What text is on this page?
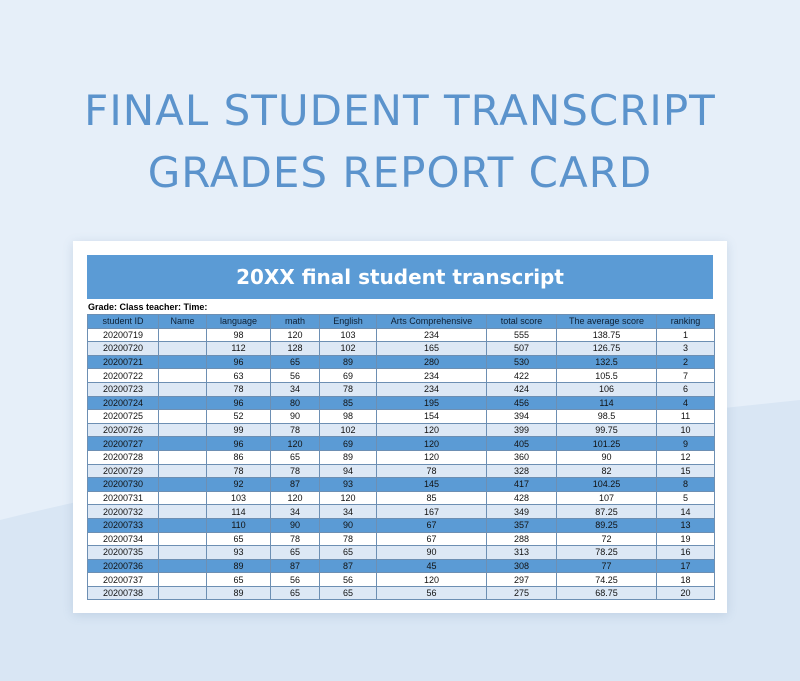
FINAL STUDENT TRANSCRIPT
GRADES REPORT CARD
20XX final student transcript
Grade: Class teacher: Time:
student ID	Name	language	math	English	Arts Comprehensive	total score	The average score	ranking
20200719		98	120	103	234	555	138.75	1
20200720		112	128	102	165	507	126.75	3
20200721		96	65	89	280	530	132.5	2
20200722		63	56	69	234	422	105.5	7
20200723		78	34	78	234	424	106	6
20200724		96	80	85	195	456	114	4
20200725		52	90	98	154	394	98.5	11
20200726		99	78	102	120	399	99.75	10
20200727		96	120	69	120	405	101.25	9
20200728		86	65	89	120	360	90	12
20200729		78	78	94	78	328	82	15
20200730		92	87	93	145	417	104.25	8
20200731		103	120	120	85	428	107	5
20200732		114	34	34	167	349	87.25	14
20200733		110	90	90	67	357	89.25	13
20200734		65	78	78	67	288	72	19
20200735		93	65	65	90	313	78.25	16
20200736		89	87	87	45	308	77	17
20200737		65	56	56	120	297	74.25	18
20200738		89	65	65	56	275	68.75	20
